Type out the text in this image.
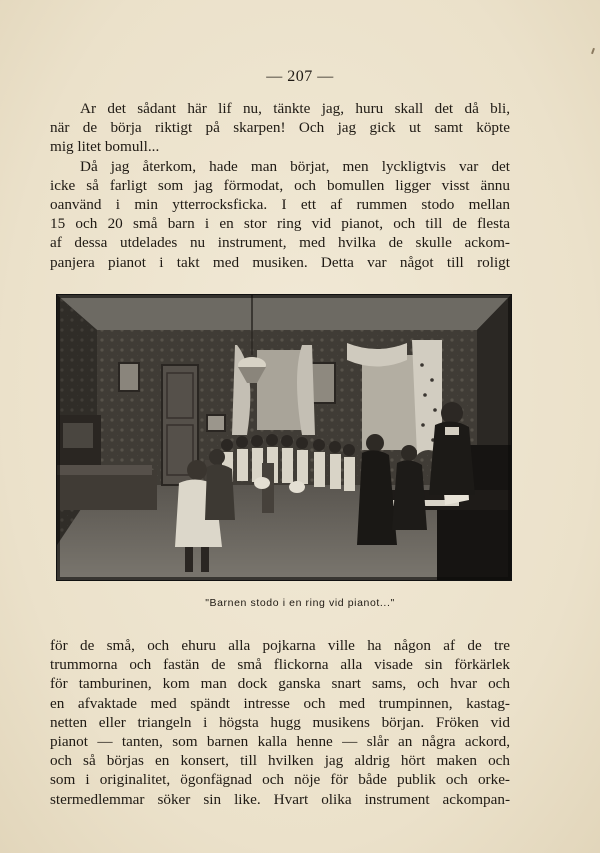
— 207 —
Ar det sådant här lif nu, tänkte jag, huru skall det då bli,
när de börja riktigt på skarpen! Och jag gick ut samt köpte
mig litet bomull...
Då jag återkom, hade man börjat, men lyckligtvis var det
icke så farligt som jag förmodat, och bomullen ligger visst ännu
oanvänd i min ytterrocksficka. I ett af rummen stodo mellan
15 och 20 små barn i en stor ring vid pianot, och till de flesta
af dessa utdelades nu instrument, med hvilka de skulle ackom-
panjera pianot i takt med musiken. Detta var något till roligt
"Barnen stodo i en ring vid pianot..."
för de små, och ehuru alla pojkarna ville ha någon af de tre
trummorna och fastän de små flickorna alla visade sin förkärlek
för tamburinen, kom man dock ganska snart sams, och hvar och
en afvaktade med spändt intresse och med trumpinnen, kastag-
netten eller triangeln i högsta hugg musikens början. Fröken vid
pianot — tanten, som barnen kalla henne — slår an några ackord,
och så börjas en konsert, till hvilken jag aldrig hört maken och
som i originalitet, ögonfägnad och nöje för både publik och orke-
stermedlemmar söker sin like. Hvart olika instrument ackompan-
